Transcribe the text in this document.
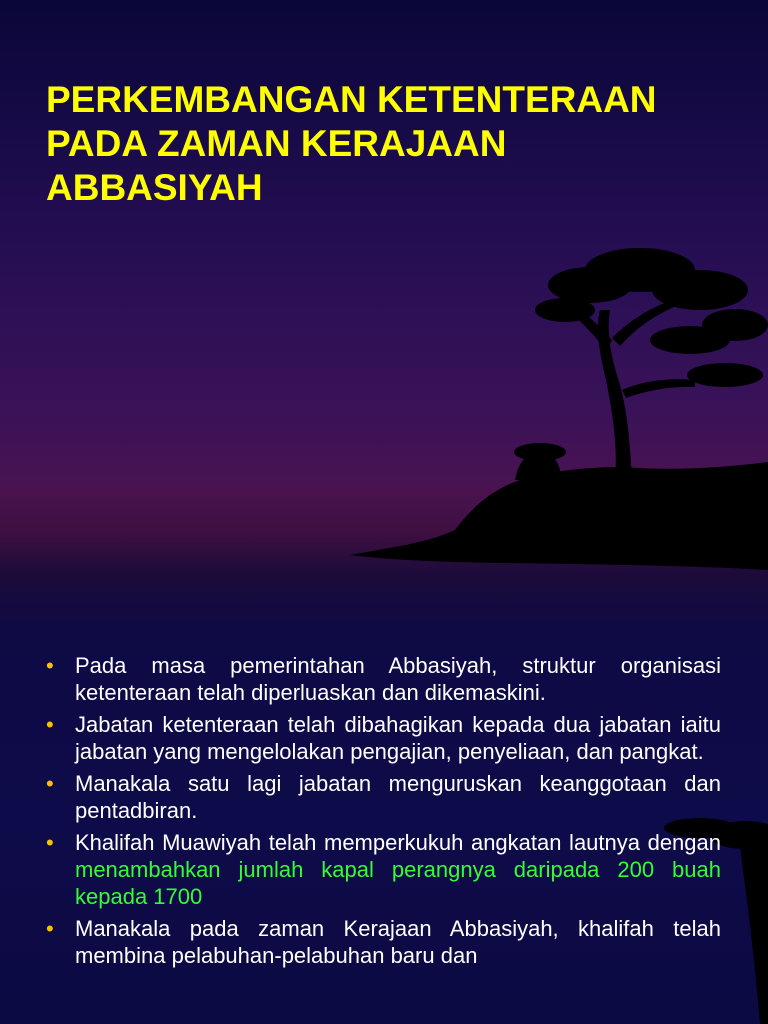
PERKEMBANGAN KETENTERAAN
PADA ZAMAN KERAJAAN
ABBASIYAH
• Pada masa pemerintahan Abbasiyah, struktur organisasi ketenteraan telah diperluaskan dan dikemaskini.
• Jabatan ketenteraan telah dibahagikan kepada dua jabatan iaitu jabatan yang mengelolakan pengajian, penyeliaan, dan pangkat.
• Manakala satu lagi jabatan menguruskan keanggotaan dan pentadbiran.
• Khalifah Muawiyah telah memperkukuh angkatan lautnya dengan menambahkan jumlah kapal perangnya daripada 200 buah kepada 1700
• Manakala pada zaman Kerajaan Abbasiyah, khalifah telah membina pelabuhan-pelabuhan baru dan
